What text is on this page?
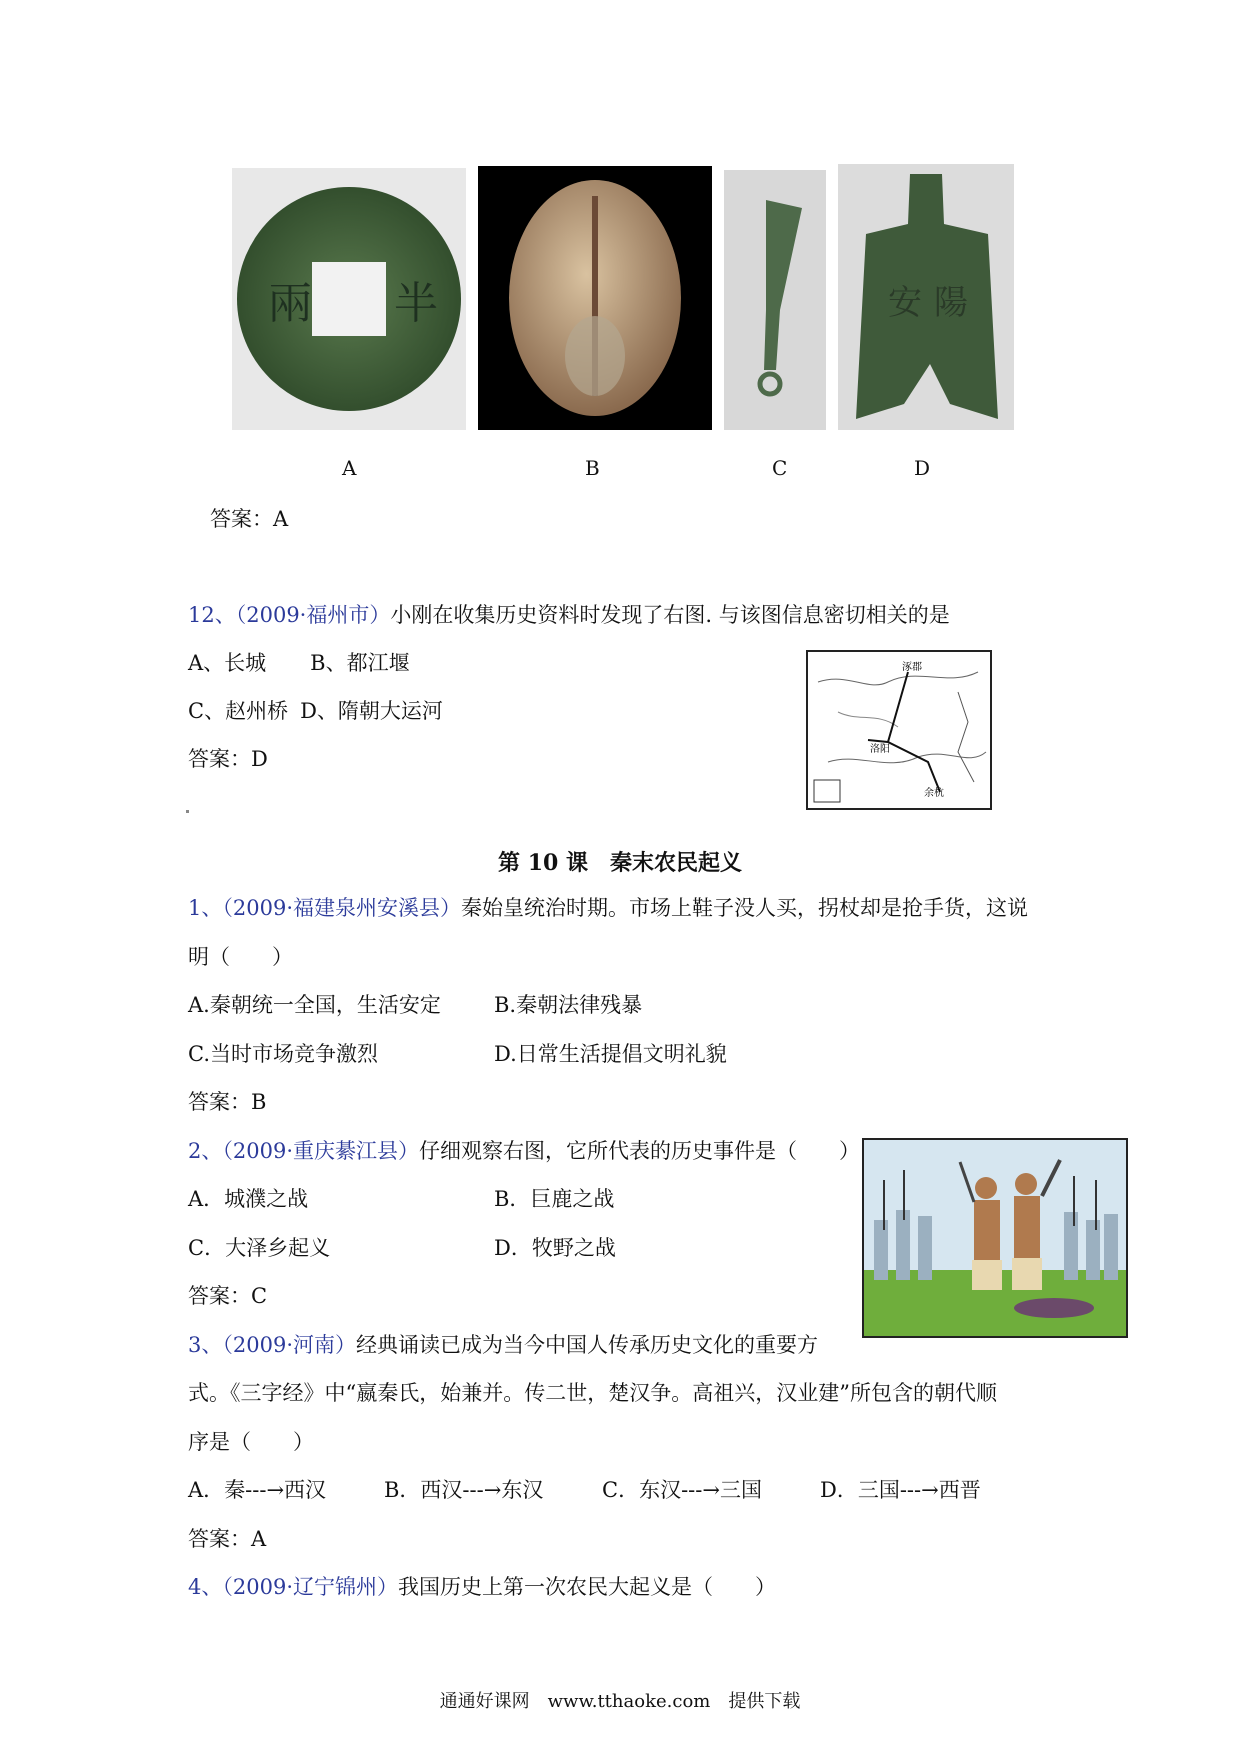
兩 半	安 陽
A	B	C	D
答案：A
12、（2009·福州市）小刚在收集历史资料时发现了右图. 与该图信息密切相关的是
A、长城 B、都江堰
C、赵州桥 D、隋朝大运河
答案：D
涿郡
洛阳
余杭
第 10 课　秦末农民起义
1、（2009·福建泉州安溪县）秦始皇统治时期。市场上鞋子没人买，拐杖却是抢手货，这说
明（　　）
A.秦朝统一全国，生活安定	B.秦朝法律残暴
C.当时市场竞争激烈	D.日常生活提倡文明礼貌
答案：B
2、（2009·重庆綦江县）仔细观察右图，它所代表的历史事件是（　　）
A．城濮之战	B．巨鹿之战
C．大泽乡起义	D．牧野之战
答案：C
3、（2009·河南）经典诵读已成为当今中国人传承历史文化的重要方
式。《三字经》中“嬴秦氏，始兼并。传二世，楚汉争。高祖兴，汉业建”所包含的朝代顺
序是（　　）
A．秦---→西汉	B．西汉---→东汉	C．东汉---→三国	D．三国---→西晋
答案：A
4、（2009·辽宁锦州）我国历史上第一次农民大起义是（　　）
通通好课网　www.tthaoke.com　提供下载
